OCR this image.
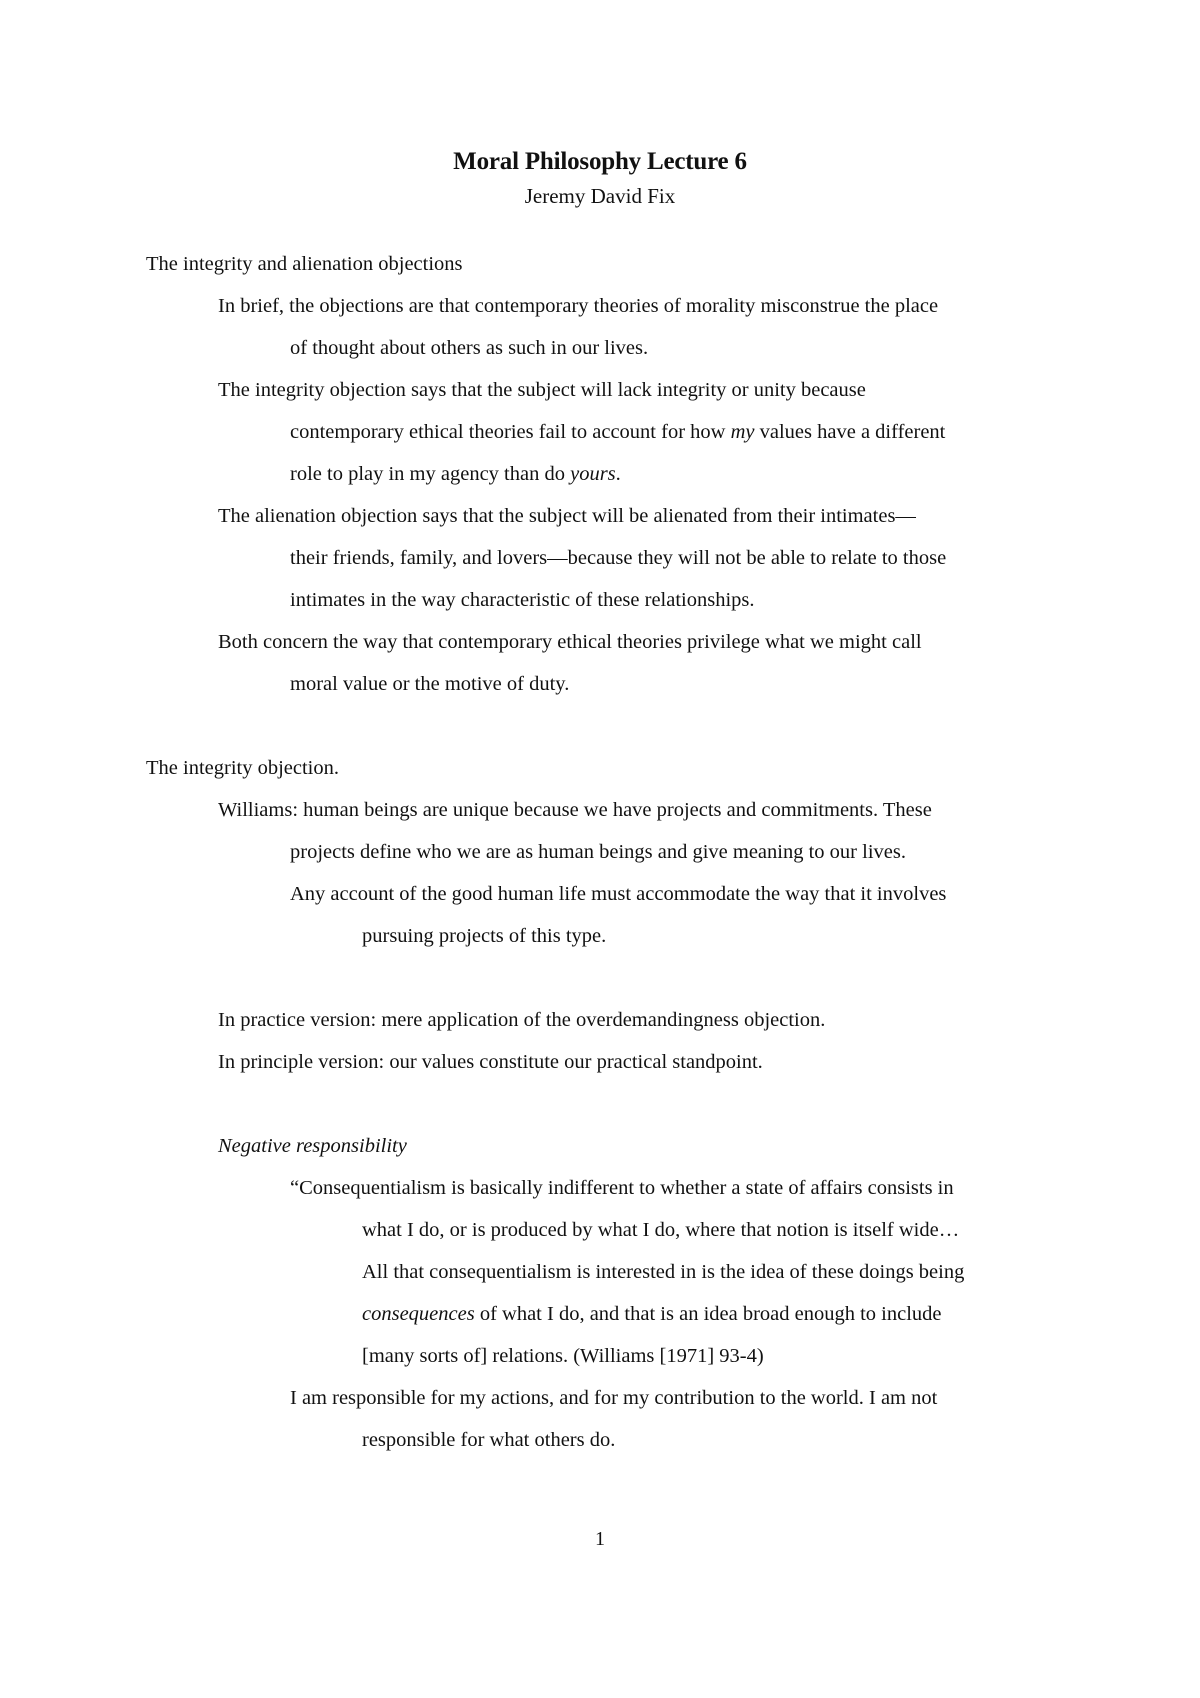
Moral Philosophy Lecture 6
Jeremy David Fix
The integrity and alienation objections
In brief, the objections are that contemporary theories of morality misconstrue the place
of thought about others as such in our lives.
The integrity objection says that the subject will lack integrity or unity because
contemporary ethical theories fail to account for how my values have a different
role to play in my agency than do yours.
The alienation objection says that the subject will be alienated from their intimates—
their friends, family, and lovers—because they will not be able to relate to those
intimates in the way characteristic of these relationships.
Both concern the way that contemporary ethical theories privilege what we might call
moral value or the motive of duty.
The integrity objection.
Williams: human beings are unique because we have projects and commitments. These
projects define who we are as human beings and give meaning to our lives.
Any account of the good human life must accommodate the way that it involves
pursuing projects of this type.
In practice version: mere application of the overdemandingness objection.
In principle version: our values constitute our practical standpoint.
Negative responsibility
“Consequentialism is basically indifferent to whether a state of affairs consists in
what I do, or is produced by what I do, where that notion is itself wide…
All that consequentialism is interested in is the idea of these doings being
consequences of what I do, and that is an idea broad enough to include
[many sorts of] relations. (Williams [1971] 93-4)
I am responsible for my actions, and for my contribution to the world. I am not
responsible for what others do.
1
